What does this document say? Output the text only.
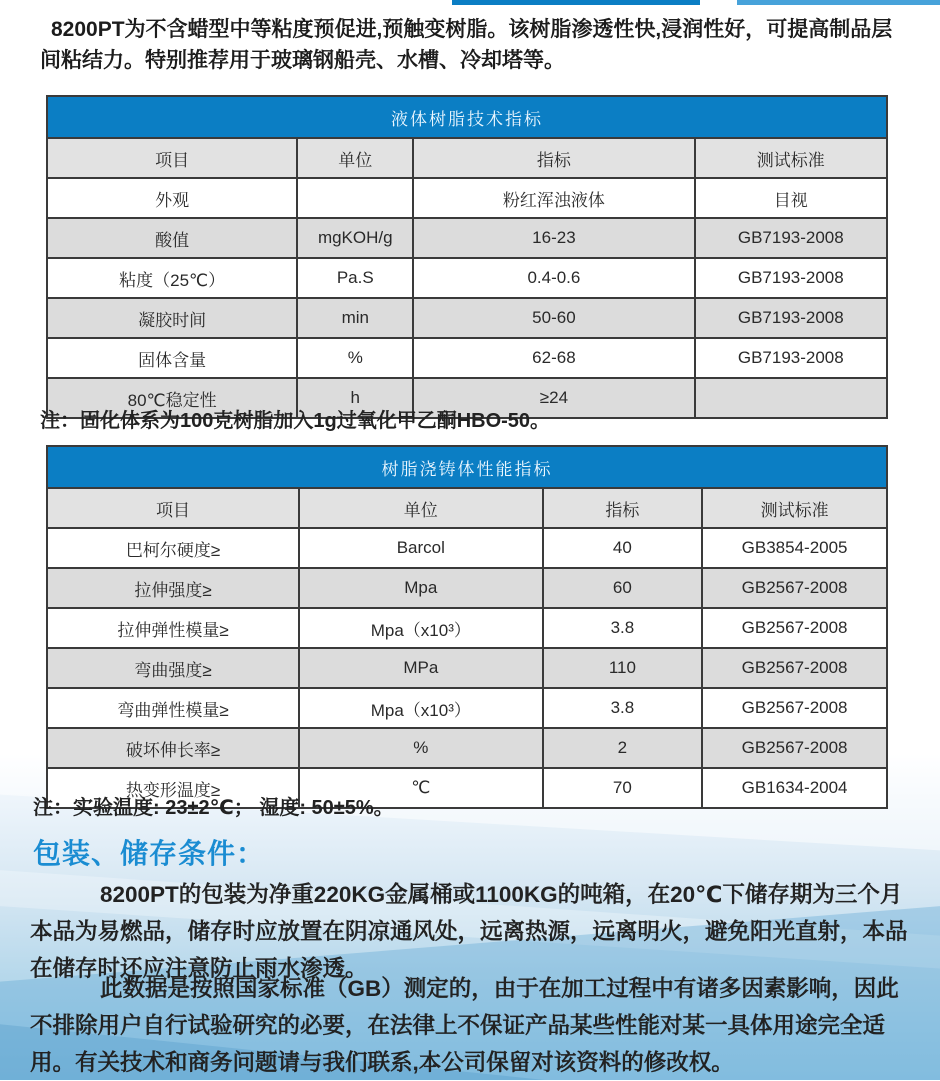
8200PT为不含蜡型中等粘度预促进,预触变树脂。该树脂渗透性快,浸润性好，可提高制品层间粘结力。特别推荐用于玻璃钢船壳、水槽、冷却塔等。

液体树脂技术指标			
项目	单位	指标	测试标准
外观		粉红浑浊液体	目视
酸值	mgKOH/g	16-23	GB7193-2008
粘度（25℃）	Pa.S	0.4-0.6	GB7193-2008
凝胶时间	min	50-60	GB7193-2008
固体含量	%	62-68	GB7193-2008
80℃稳定性	h	≥24	

注：固化体系为100克树脂加入1g过氧化甲乙酮HBO-50。

树脂浇铸体性能指标			
项目	单位	指标	测试标准
巴柯尔硬度≥	Barcol	40	GB3854-2005
拉伸强度≥	Mpa	60	GB2567-2008
拉伸弹性模量≥	Mpa（x10³）	3.8	GB2567-2008
弯曲强度≥	MPa	110	GB2567-2008
弯曲弹性模量≥	Mpa（x10³）	3.8	GB2567-2008
破坏伸长率≥	%	2	GB2567-2008
热变形温度≥	℃	70	GB1634-2004

注：实验温度: 23±2℃； 湿度: 50±5%。

包装、储存条件：

8200PT的包装为净重220KG金属桶或1100KG的吨箱，在20℃下储存期为三个月 本品为易燃品，储存时应放置在阴凉通风处，远离热源，远离明火，避免阳光直射，本品在储存时还应注意防止雨水渗透。

此数据是按照国家标准（GB）测定的，由于在加工过程中有诸多因素影响，因此不排除用户自行试验研究的必要，在法律上不保证产品某些性能对某一具体用途完全适用。有关技术和商务问题请与我们联系,本公司保留对该资料的修改权。
